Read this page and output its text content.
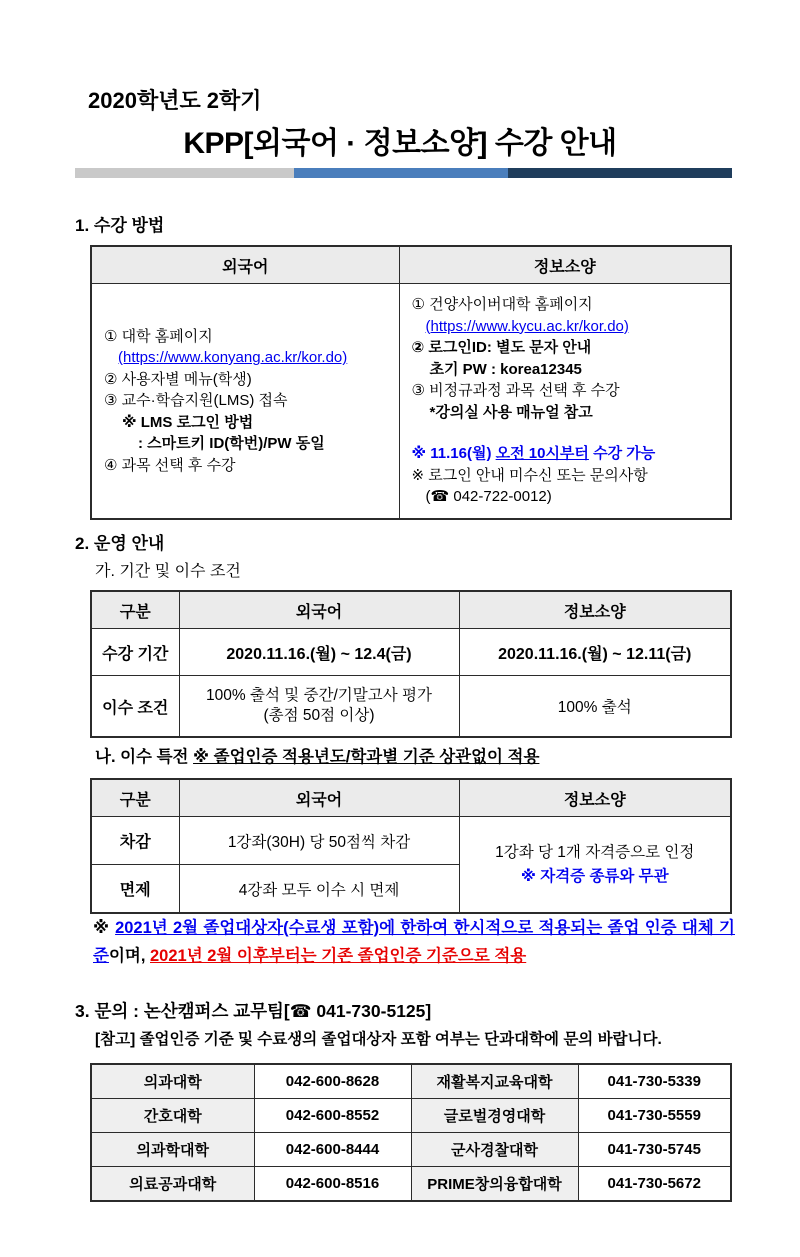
2020학년도 2학기
KPP[외국어 · 정보소양] 수강 안내
1. 수강 방법
외국어	정보소양

① 대학 홈페이지
(https://www.konyang.ac.kr/kor.do)
② 사용자별 메뉴(학생)
③ 교수·학습지원(LMS) 접속
※ LMS 로그인 방법
: 스마트키 ID(학번)/PW 동일
④ 과목 선택 후 수강

① 건양사이버대학 홈페이지
(https://www.kycu.ac.kr/kor.do)
② 로그인ID: 별도 문자 안내
초기 PW : korea12345
③ 비정규과정 과목 선택 후 수강
*강의실 사용 매뉴얼 참고
※ 11.16(월) 오전 10시부터 수강 가능
※ 로그인 안내 미수신 또는 문의사항
(☎ 042-722-0012)
2. 운영 안내
가. 기간 및 이수 조건
구분	외국어	정보소양
수강 기간	2020.11.16.(월) ~ 12.4(금)	2020.11.16.(월) ~ 12.11(금)
이수 조건	100% 출석 및 중간/기말고사 평가
(총점 50점 이상)	100% 출석
나. 이수 특전 ※ 졸업인증 적용년도/학과별 기준 상관없이 적용
구분	외국어	정보소양
차감	1강좌(30H) 당 50점씩 차감	1강좌 당 1개 자격증으로 인정
※ 자격증 종류와 무관

면제	4강좌 모두 이수 시 면제	
※ 2021년 2월 졸업대상자(수료생 포함)에 한하여 한시적으로 적용되는 졸업 인증 대체 기준이며, 2021년 2월 이후부터는 기존 졸업인증 기준으로 적용
3. 문의 : 논산캠퍼스 교무팀[☎ 041-730-5125]
[참고] 졸업인증 기준 및 수료생의 졸업대상자 포함 여부는 단과대학에 문의 바랍니다.
의과대학	042-600-8628	재활복지교육대학	041-730-5339
간호대학	042-600-8552	글로벌경영대학	041-730-5559
의과학대학	042-600-8444	군사경찰대학	041-730-5745
의료공과대학	042-600-8516	PRIME창의융합대학	041-730-5672
